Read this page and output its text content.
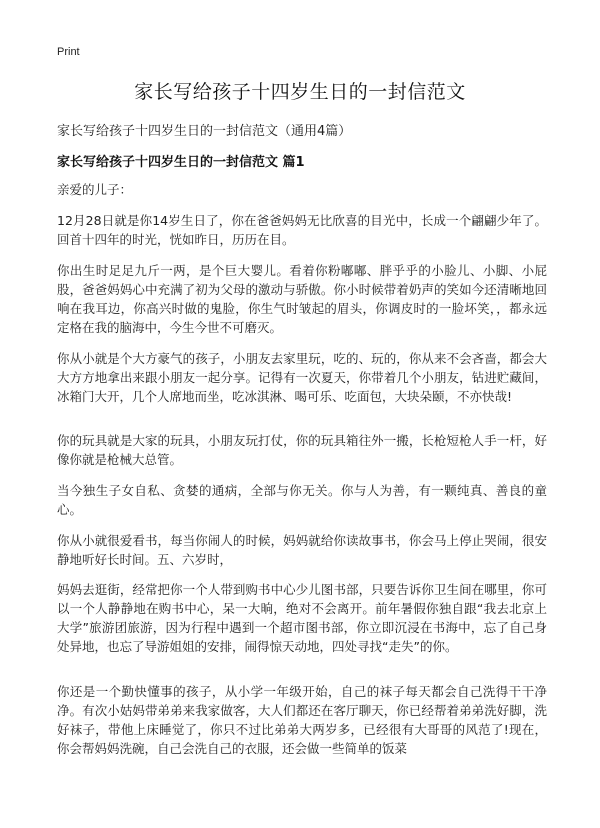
Print
家长写给孩子十四岁生日的一封信范文

家长写给孩子十四岁生日的一封信范文（通用4篇）

家长写给孩子十四岁生日的一封信范文 篇1

亲爱的儿子：

12月28日就是你14岁生日了，你在爸爸妈妈无比欣喜的目光中，长成一个翩翩少年了。回首十四年的时光，恍如昨日，历历在目。

你出生时足足九斤一两，是个巨大婴儿。看着你粉嘟嘟、胖乎乎的小脸儿、小脚、小屁股，爸爸妈妈心中充满了初为父母的激动与骄傲。你小时候带着奶声的笑如今还清晰地回响在我耳边，你高兴时做的鬼脸，你生气时皱起的眉头，你调皮时的一脸坏笑，，都永远定格在我的脑海中，今生今世不可磨灭。

你从小就是个大方豪气的孩子，小朋友去家里玩，吃的、玩的，你从来不会吝啬，都会大大方方地拿出来跟小朋友一起分享。记得有一次夏天，你带着几个小朋友，钻进贮藏间，冰箱门大开，几个人席地而坐，吃冰淇淋、喝可乐、吃面包，大块朵颐，不亦快哉!

你的玩具就是大家的玩具，小朋友玩打仗，你的玩具箱往外一搬，长枪短枪人手一杆，好像你就是枪械大总管。

当今独生子女自私、贪婪的通病，全部与你无关。你与人为善，有一颗纯真、善良的童心。

你从小就很爱看书，每当你闹人的时候，妈妈就给你读故事书，你会马上停止哭闹，很安静地听好长时间。五、六岁时，

妈妈去逛街，经常把你一个人带到购书中心少儿图书部，只要告诉你卫生间在哪里，你可以一个人静静地在购书中心，呆一大晌，绝对不会离开。前年暑假你独自跟“我去北京上大学”旅游团旅游，因为行程中遇到一个超市图书部，你立即沉浸在书海中，忘了自己身处异地，也忘了导游姐姐的安排，闹得惊天动地，四处寻找“走失”的你。

你还是一个勤快懂事的孩子，从小学一年级开始，自己的袜子每天都会自己洗得干干净净。有次小姑妈带弟弟来我家做客，大人们都还在客厅聊天，你已经帮着弟弟洗好脚，洗好袜子，带他上床睡觉了，你只不过比弟弟大两岁多，已经很有大哥哥的风范了!现在，你会帮妈妈洗碗，自己会洗自己的衣服，还会做一些简单的饭菜
